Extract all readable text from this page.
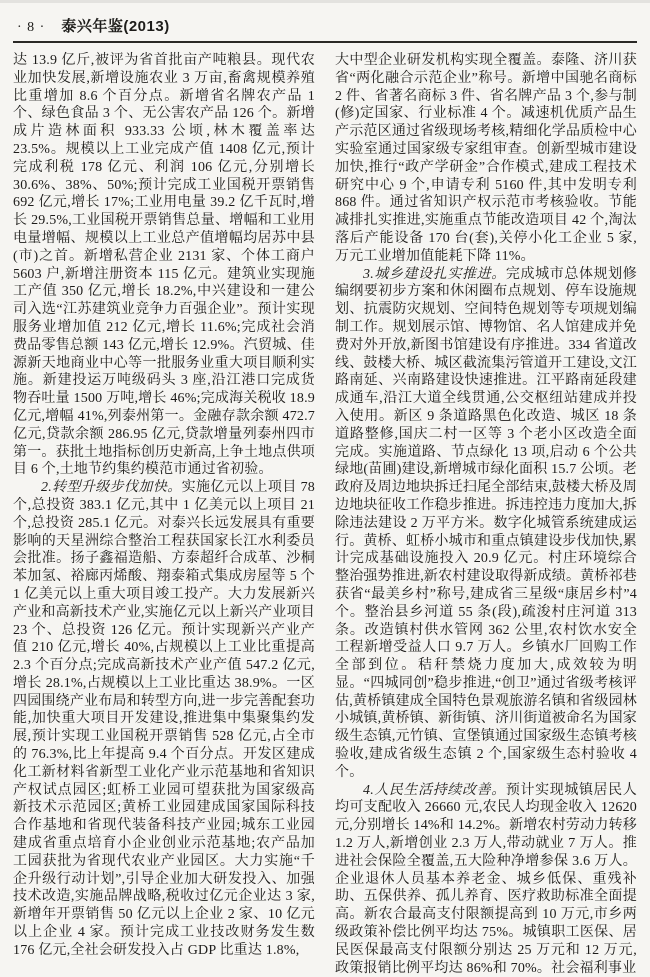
· 8 · 泰兴年鉴(2013)

达 13.9 亿斤,被评为省首批亩产吨粮县。现代农业加快发展,新增设施农业 3 万亩,畜禽规模养殖比重增加 8.6 个百分点。新增省名牌农产品 1 个、绿色食品 3 个、无公害农产品 126 个。新增成片造林面积 933.33 公顷,林木覆盖率达 23.5%。规模以上工业完成产值 1408 亿元,预计完成利税 178 亿元、利润 106 亿元,分别增长 30.6%、38%、50%;预计完成工业国税开票销售 692 亿元,增长 17%;工业用电量 39.2 亿千瓦时,增长 29.5%,工业国税开票销售总量、增幅和工业用电量增幅、规模以上工业总产值增幅均居苏中县(市)之首。新增私营企业 2131 家、个体工商户 5603 户,新增注册资本 115 亿元。建筑业实现施工产值 350 亿元,增长 18.2%,中兴建设和一建公司入选“江苏建筑业竞争力百强企业”。预计实现服务业增加值 212 亿元,增长 11.6%;完成社会消费品零售总额 143 亿元,增长 12.9%。汽贸城、佳源新天地商业中心等一批服务业重大项目顺利实施。新建投运万吨级码头 3 座,沿江港口完成货物吞吐量 1500 万吨,增长 46%;完成海关税收 18.9 亿元,增幅 41%,列泰州第一。金融存款余额 472.7 亿元,贷款余额 286.95 亿元,贷款增量列泰州四市第一。获批土地指标创历史新高,上争土地点供项目 6 个,土地节约集约模范市通过省初验。

2.转型升级步伐加快。实施亿元以上项目 78 个,总投资 383.1 亿元,其中 1 亿美元以上项目 21 个,总投资 285.1 亿元。对泰兴长远发展具有重要影响的天星洲综合整治工程获国家长江水利委员会批准。扬子鑫福造船、方泰超纤合成革、沙桐苯加氢、裕廊丙烯酸、翔泰箱式集成房屋等 5 个 1 亿美元以上重大项目竣工投产。大力发展新兴产业和高新技术产业,实施亿元以上新兴产业项目 23 个、总投资 126 亿元。预计实现新兴产业产值 210 亿元,增长 40%,占规模以上工业比重提高 2.3 个百分点;完成高新技术产业产值 547.2 亿元,增长 28.1%,占规模以上工业比重达 38.9%。一区四园围绕产业布局和转型方向,进一步完善配套功能,加快重大项目开发建设,推进集中集聚集约发展,预计实现工业国税开票销售 528 亿元,占全市的 76.3%,比上年提高 9.4 个百分点。开发区建成化工新材料省新型工业化产业示范基地和省知识产权试点园区;虹桥工业园可望获批为国家级高新技术示范园区;黄桥工业园建成国家国际科技合作基地和省现代装备科技产业园;城东工业园建成省重点培育小企业创业示范基地;农产品加工园获批为省现代农业产业园区。大力实施“千企升级行动计划”,引导企业加大研发投入、加强技术改造,实施品牌战略,税收过亿元企业达 3 家,新增年开票销售 50 亿元以上企业 2 家、10 亿元以上企业 4 家。预计完成工业技改财务发生数 176 亿元,全社会研发投入占 GDP 比重达 1.8%,

大中型企业研发机构实现全覆盖。泰隆、济川获省“两化融合示范企业”称号。新增中国驰名商标 2 件、省著名商标 3 件、省名牌产品 3 个,参与制(修)定国家、行业标准 4 个。减速机优质产品生产示范区通过省级现场考核,精细化学品质检中心实验室通过国家级专家组审查。创新型城市建设加快,推行“政产学研金”合作模式,建成工程技术研究中心 9 个,申请专利 5160 件,其中发明专利 868 件。通过省知识产权示范市考核验收。节能减排扎实推进,实施重点节能改造项目 42 个,淘汰落后产能设备 170 台(套),关停小化工企业 5 家,万元工业增加值能耗下降 11%。

3.城乡建设扎实推进。完成城市总体规划修编纲要初步方案和休闲圈布点规划、停车设施规划、抗震防灾规划、空间特色规划等专项规划编制工作。规划展示馆、博物馆、名人馆建成并免费对外开放,新图书馆建设有序推进。334 省道改线、鼓楼大桥、城区截流集污管道开工建设,文江路南延、兴南路建设快速推进。江平路南延段建成通车,沿江大道全线贯通,公交枢纽站建成并投入使用。新区 9 条道路黑色化改造、城区 18 条道路整修,国庆二村一区等 3 个老小区改造全面完成。实施道路、节点绿化 13 项,启动 6 个公共绿地(苗圃)建设,新增城市绿化面积 15.7 公顷。老政府及周边地块拆迁扫尾全部结束,鼓楼大桥及周边地块征收工作稳步推进。拆违控违力度加大,拆除违法建设 2 万平方米。数字化城管系统建成运行。黄桥、虹桥小城市和重点镇建设步伐加快,累计完成基础设施投入 20.9 亿元。村庄环境综合整治强势推进,新农村建设取得新成绩。黄桥祁巷获省“最美乡村”称号,建成省三星级“康居乡村”4 个。整治县乡河道 55 条(段),疏浚村庄河道 313 条。改造镇村供水管网 362 公里,农村饮水安全工程新增受益人口 9.7 万人。乡镇水厂回购工作全部到位。秸秆禁烧力度加大,成效较为明显。“四城同创”稳步推进,“创卫”通过省级考核评估,黄桥镇建成全国特色景观旅游名镇和省级园林小城镇,黄桥镇、新街镇、济川街道被命名为国家级生态镇,元竹镇、宣堡镇通过国家级生态镇考核验收,建成省级生态镇 2 个,国家级生态村验收 4 个。

4.人民生活持续改善。预计实现城镇居民人均可支配收入 26660 元,农民人均现金收入 12620 元,分别增长 14%和 14.2%。新增农村劳动力转移 1.2 万人,新增创业 2.3 万人,带动就业 7 万人。推进社会保险全覆盖,五大险种净增参保 3.6 万人。企业退休人员基本养老金、城乡低保、重残补助、五保供养、孤儿养育、医疗救助标准全面提高。新农合最高支付限额提高到 10 万元,市乡两级政策补偿比例平均达 75%。城镇职工医保、居民医保最高支付限额分别达 25 万元和 12 万元,政策报销比例平均达 86%和 70%。社会福利事业
